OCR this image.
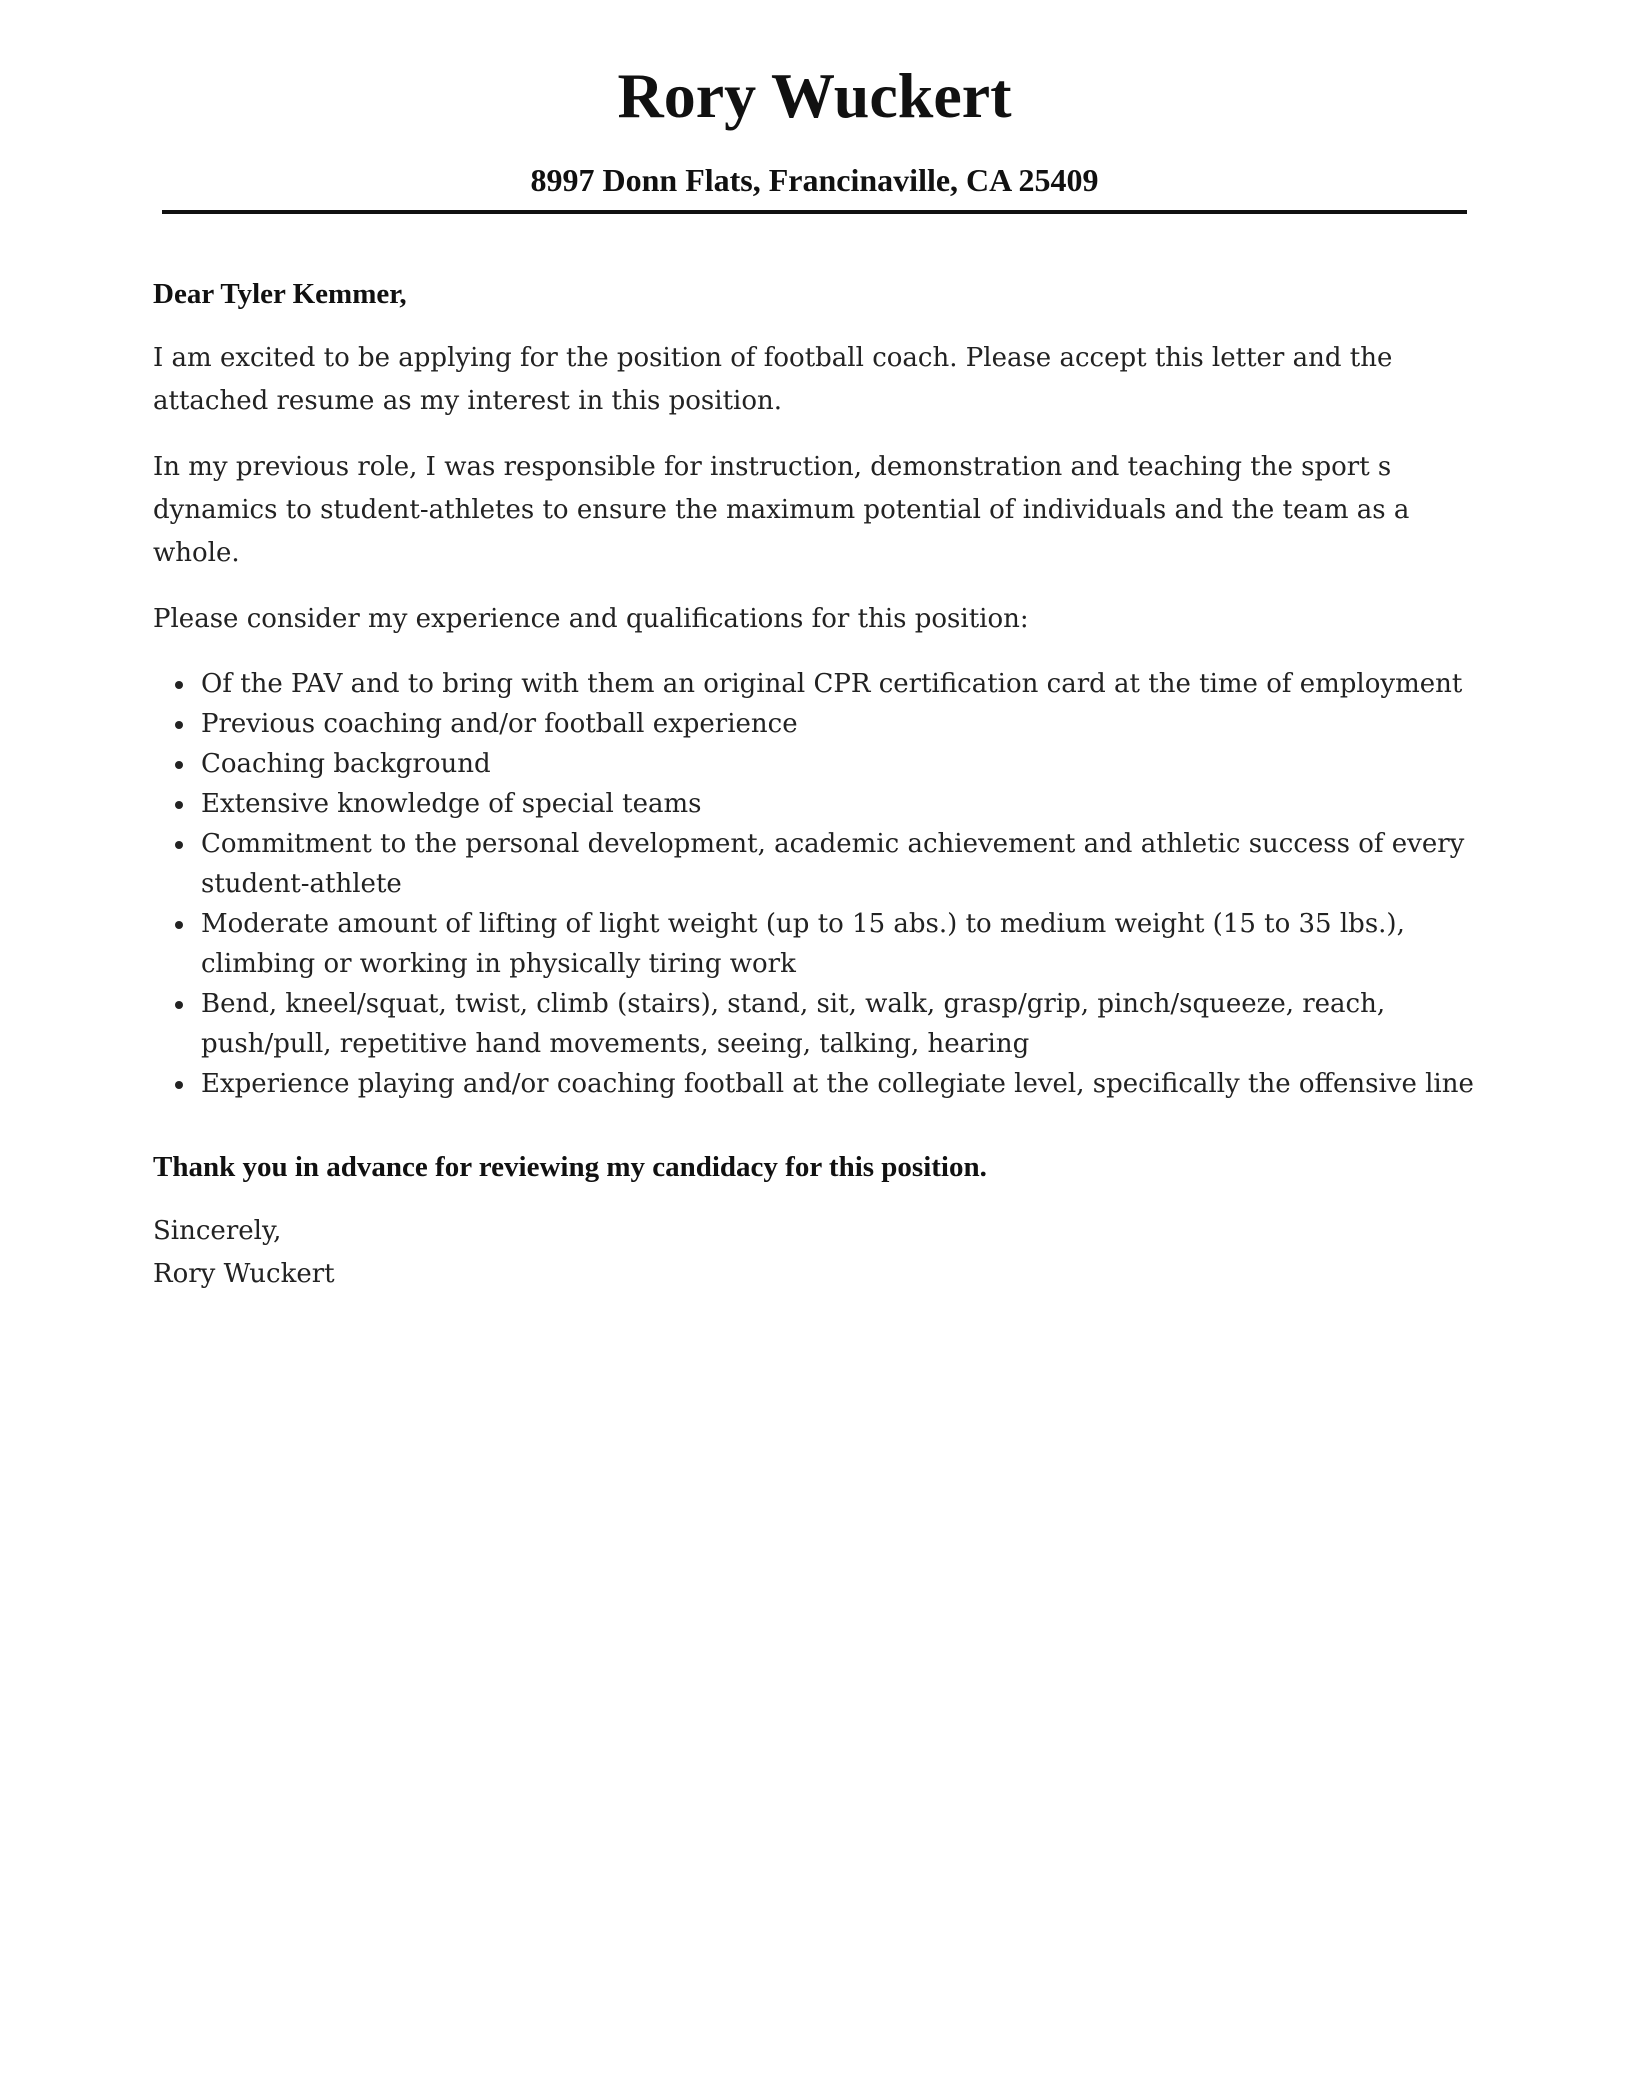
Rory Wuckert

8997 Donn Flats, Francinaville, CA 25409

Dear Tyler Kemmer,

I am excited to be applying for the position of football coach. Please accept this letter and the attached resume as my interest in this position.

In my previous role, I was responsible for instruction, demonstration and teaching the sport s dynamics to student-athletes to ensure the maximum potential of individuals and the team as a whole.

Please consider my experience and qualifications for this position:

Of the PAV and to bring with them an original CPR certification card at the time of employment
Previous coaching and/or football experience
Coaching background
Extensive knowledge of special teams
Commitment to the personal development, academic achievement and athletic success of every student-athlete
Moderate amount of lifting of light weight (up to 15 abs.) to medium weight (15 to 35 lbs.), climbing or working in physically tiring work
Bend, kneel/squat, twist, climb (stairs), stand, sit, walk, grasp/grip, pinch/squeeze, reach, push/pull, repetitive hand movements, seeing, talking, hearing
Experience playing and/or coaching football at the collegiate level, specifically the offensive line

Thank you in advance for reviewing my candidacy for this position.

Sincerely,
Rory Wuckert
